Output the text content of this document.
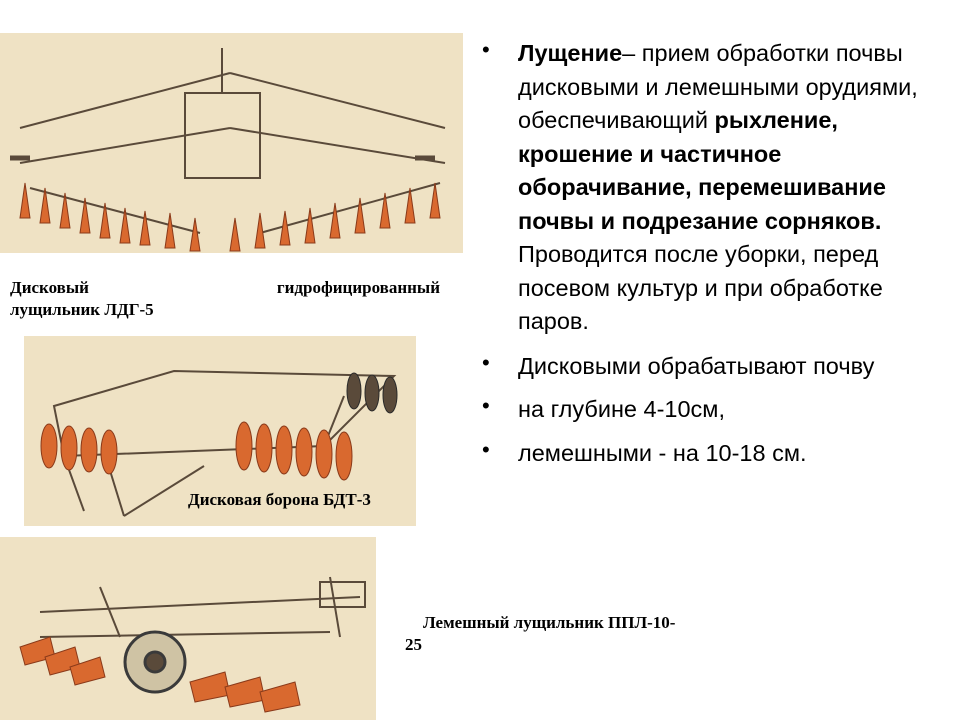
Дисковый	гидрофицированный
лущильник ЛДГ-5
Дисковая борона БДТ-3
Лемешный лущильник ППЛ-10-
25
• Лущение– прием обработки почвы дисковыми и лемешными орудиями, обеспечивающий рыхление, крошение и частичное оборачивание, перемешивание почвы и подрезание сорняков. Проводится после уборки, перед посевом культур и при обработке паров.
• Дисковыми обрабатывают почву
• на глубине 4-10см,
• лемешными - на 10-18 см.
